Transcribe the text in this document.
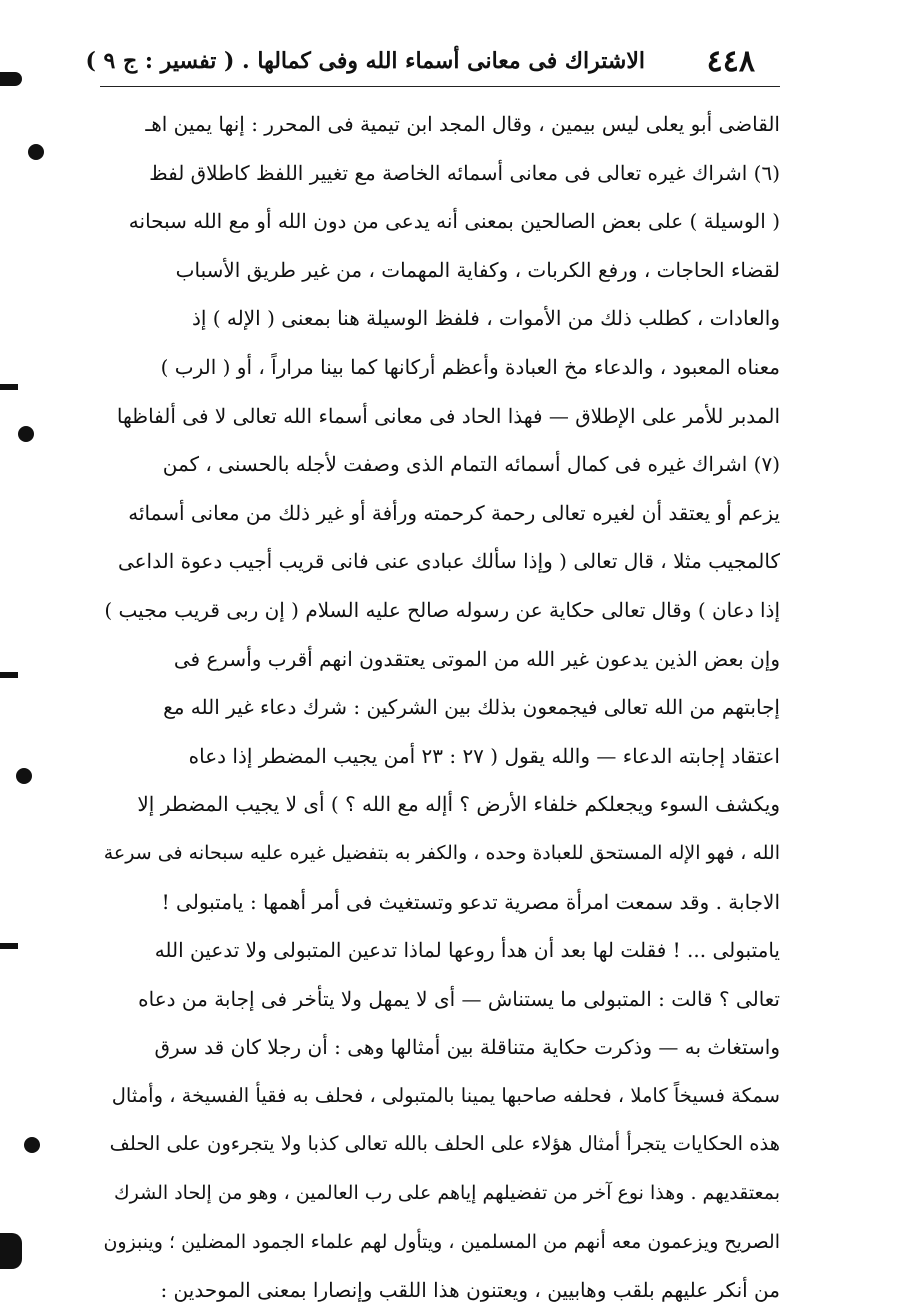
٤٤٨
الاشتراك فى معانى أسماء الله وفى كمالها . ( تفسير : ج ٩ )
القاضى أبو يعلى ليس بيمين ، وقال المجد ابن تيمية فى المحرر : إنها يمين اهـ
(٦) اشراك غيره تعالى فى معانى أسمائه الخاصة مع تغيير اللفظ كاطلاق لفظ
( الوسيلة ) على بعض الصالحين بمعنى أنه يدعى من دون الله أو مع الله سبحانه
لقضاء الحاجات ، ورفع الكربات ، وكفاية المهمات ، من غير طريق الأسباب
والعادات ، كطلب ذلك من الأموات ، فلفظ الوسيلة هنا بمعنى ( الإله ) إذ
معناه المعبود ، والدعاء مخ العبادة وأعظم أركانها كما بينا مراراً ، أو ( الرب )
المدبر للأمر على الإطلاق — فهذا الحاد فى معانى أسماء الله تعالى لا فى ألفاظها
(٧) اشراك غيره فى كمال أسمائه التمام الذى وصفت لأجله بالحسنى ، كمن
يزعم أو يعتقد أن لغيره تعالى رحمة كرحمته ورأفة أو غير ذلك من معانى أسمائه
كالمجيب مثلا ، قال تعالى ( وإذا سألك عبادى عنى فانى قريب أجيب دعوة الداعى
إذا دعان ) وقال تعالى حكاية عن رسوله صالح عليه السلام ( إن ربى قريب مجيب )
وإن بعض الذين يدعون غير الله من الموتى يعتقدون انهم أقرب وأسرع فى
إجابتهم من الله تعالى فيجمعون بذلك بين الشركين : شرك دعاء غير الله مع
اعتقاد إجابته الدعاء — والله يقول ( ٢٧ : ٢٣ أمن يجيب المضطر إذا دعاه
ويكشف السوء ويجعلكم خلفاء الأرض ؟ أإله مع الله ؟ ) أى لا يجيب المضطر إلا
الله ، فهو الإله المستحق للعبادة وحده ، والكفر به بتفضيل غيره عليه سبحانه فى سرعة
الاجابة . وقد سمعت امرأة مصرية تدعو وتستغيث فى أمر أهمها : يامتبولى !
يامتبولى ... ! فقلت لها بعد أن هدأ روعها لماذا تدعين المتبولى ولا تدعين الله
تعالى ؟ قالت : المتبولى ما يستناش — أى لا يمهل ولا يتأخر فى إجابة من دعاه
واستغاث به — وذكرت حكاية متناقلة بين أمثالها وهى : أن رجلا كان قد سرق
سمكة فسيخاً كاملا ، فحلفه صاحبها يمينا بالمتبولى ، فحلف به فقيأ الفسيخة ، وأمثال
هذه الحكايات يتجرأ أمثال هؤلاء على الحلف بالله تعالى كذبا ولا يتجرءون على الحلف
بمعتقديهم . وهذا نوع آخر من تفضيلهم إياهم على رب العالمين ، وهو من إلحاد الشرك
الصريح ويزعمون معه أنهم من المسلمين ، ويتأول لهم علماء الجمود المضلين ؛ وينبزون
من أنكر عليهم بلقب وهابيين ، ويعتنون هذا اللقب وإنصارا بمعنى الموحدين :
